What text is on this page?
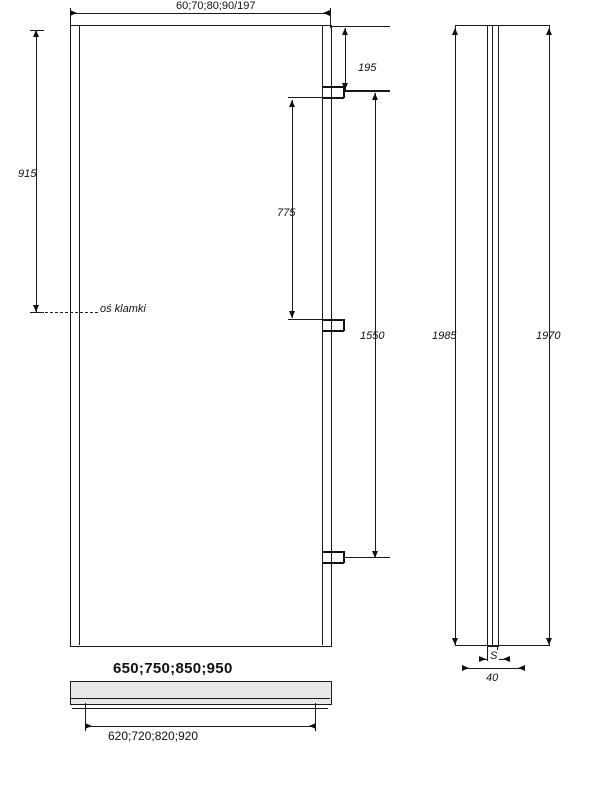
60;70;80;90/197
915
oś klamki
195
775
1550	1985	1970
S
40
650;750;850;950
620;720;820;920
